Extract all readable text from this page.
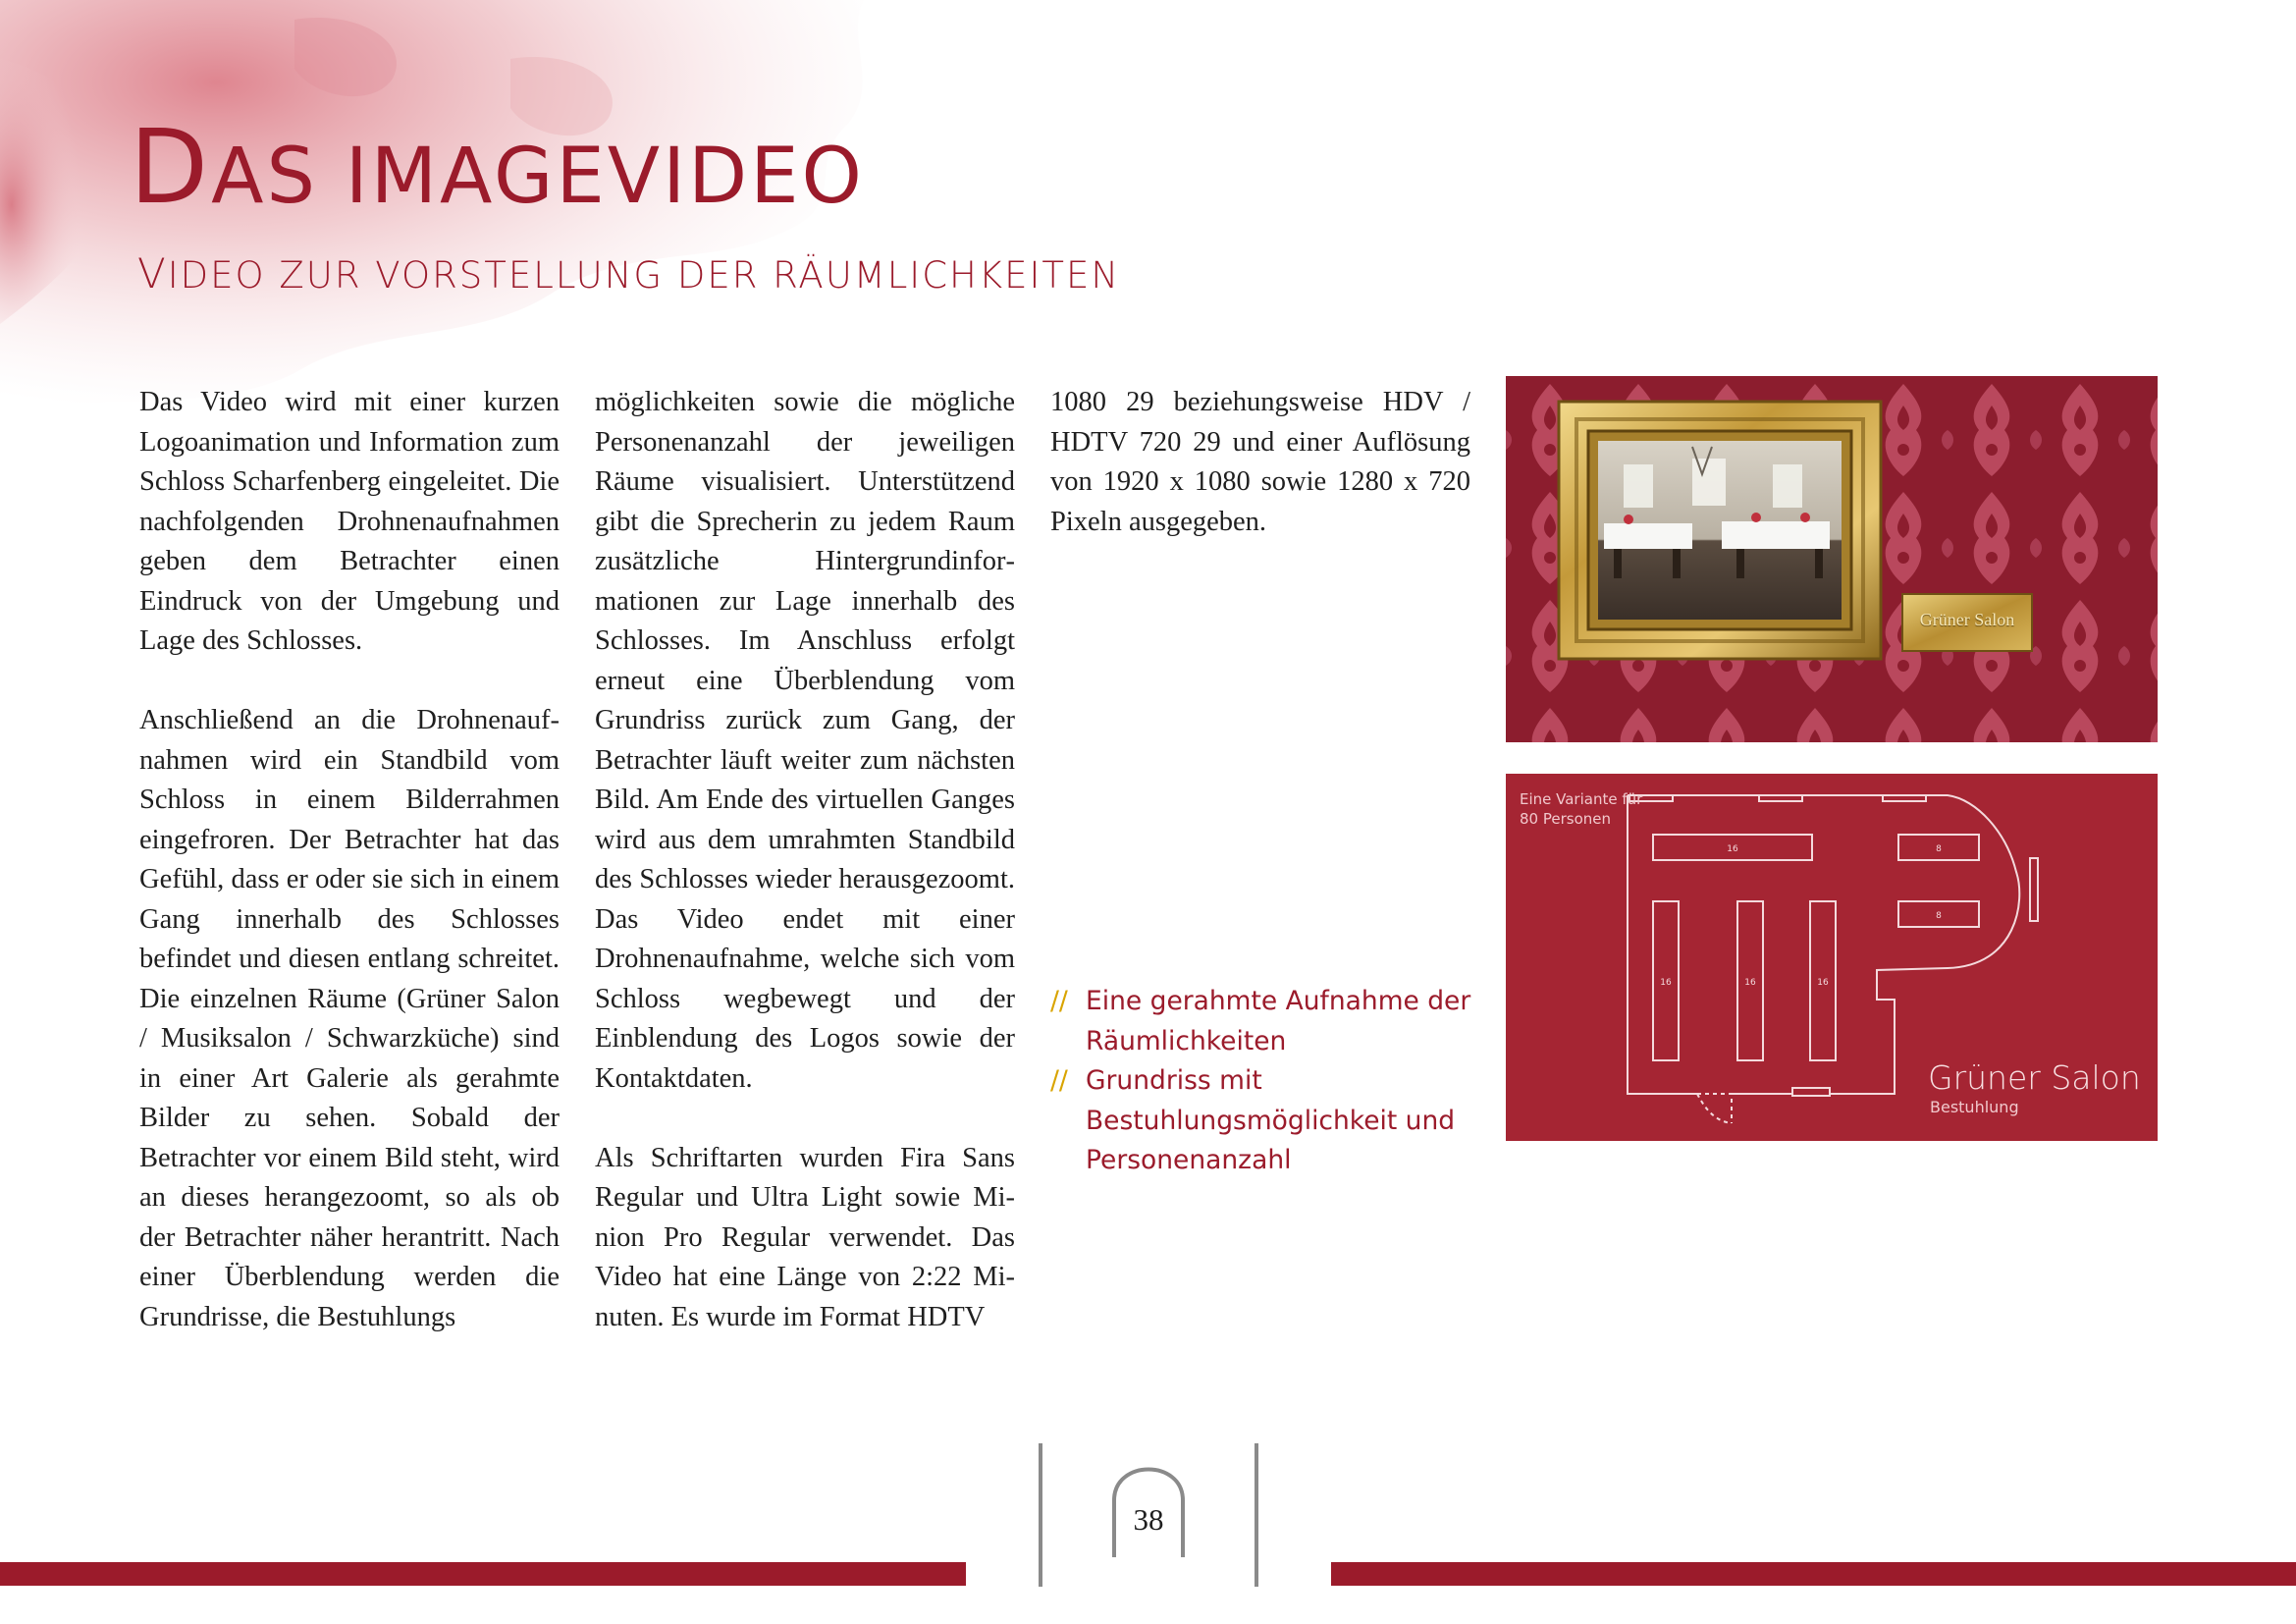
DAS IMAGEVIDEO
VIDEO ZUR VORSTELLUNG DER RÄUMLICHKEITEN

Das Video wird mit einer kurzen Logoanimation und Information zum Schloss Scharfenberg eingeleitet. Die nachfolgenden Drohnenaufnahmen geben dem Betrachter einen Eindruck von der Umgebung und Lage des Schlosses.

Anschließend an die Drohnenaufnahmen wird ein Standbild vom Schloss in einem Bilderrahmen eingefroren. Der Betrachter hat das Gefühl, dass er oder sie sich in einem Gang innerhalb des Schlosses befindet und diesen entlang schreitet. Die einzelnen Räume (Grüner Salon / Musiksalon / Schwarzküche) sind in einer Art Galerie als gerahmte Bilder zu sehen. Sobald der Betrachter vor einem Bild steht, wird an dieses herangezoomt, so als ob der Betrachter näher herantritt. Nach einer Überblendung werden die Grundrisse, die Bestuhlungs

möglichkeiten sowie die mögliche Personenanzahl der jeweiligen Räume visualisiert. Unterstützend gibt die Sprecherin zu jedem Raum zusätzliche Hintergrundinformationen zur Lage innerhalb des Schlosses. Im Anschluss erfolgt erneut eine Überblendung vom Grundriss zurück zum Gang, der Betrachter läuft weiter zum nächsten Bild. Am Ende des virtuellen Ganges wird aus dem umrahmten Standbild des Schlosses wieder herausgezoomt. Das Video endet mit einer Drohnenaufnahme, welche sich vom Schloss wegbewegt und der Einblendung des Logos sowie der Kontaktdaten.

Als Schriftarten wurden Fira Sans Regular und Ultra Light sowie Minion Pro Regular verwendet. Das Video hat eine Länge von 2:22 Minuten. Es wurde im Format HDTV

1080 29 beziehungsweise HDV / HDTV 720 29 und einer Auflösung von 1920 x 1080 sowie 1280 x 720 Pixeln ausgegeben.

// Eine gerahmte Aufnahme der Räumlichkeiten
// Grundriss mit Bestuhlungsmöglichkeit und Personenanzahl
Grüner Salon
16	8
8
16	16	16
Eine Variante für 80 Personen
Grüner Salon
Bestuhlung
38
